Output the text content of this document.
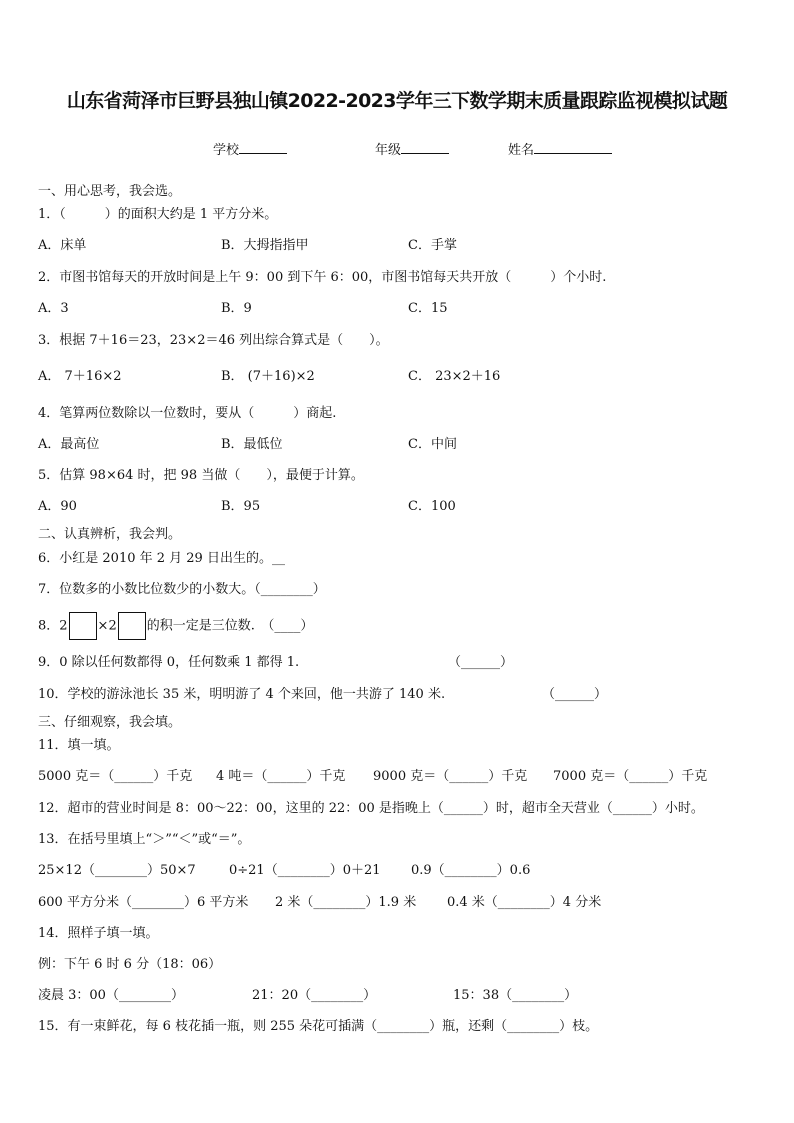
山东省菏泽市巨野县独山镇2022-2023学年三下数学期末质量跟踪监视模拟试题
学校	年级	姓名
一、用心思考，我会选。
1．（　　　）的面积大约是 1 平方分米。
A．床单	B．大拇指指甲	C．手掌
2．市图书馆每天的开放时间是上午 9：00 到下午 6：00，市图书馆每天共开放（　　　）个小时.
A．3	B．9	C．15
3．根据 7＋16＝23，23×2＝46 列出综合算式是（　　）。
A． 7＋16×2	B． (7＋16)×2	C． 23×2＋16
4．笔算两位数除以一位数时，要从（　　　）商起.
A．最高位	B．最低位	C．中间
5．估算 98×64 时，把 98 当做（　　），最便于计算。
A．90	B．95	C．100
二、认真辨析，我会判。
6．小红是 2010 年 2 月 29 日出生的。__
7．位数多的小数比位数少的小数大。（________）
8．2 ×2 的积一定是三位数.　（____）
9．0 除以任何数都得 0，任何数乘 1 都得 1.	（______）
10．学校的游泳池长 35 米，明明游了 4 个来回，他一共游了 140 米.	（______）
三、仔细观察，我会填。
11．填一填。
5000 克＝（______）千克 4 吨＝（______）千克 9000 克＝（______）千克 7000 克＝（______）千克
12．超市的营业时间是 8：00～22：00，这里的 22：00 是指晚上（______）时，超市全天营业（______）小时。
13．在括号里填上“＞”“＜”或“＝”。
25×12（________）50×7	0÷21（________）0＋21 0.9（________）0.6
600 平方分米（________）6 平方米 2 米（________）1.9 米 0.4 米（________）4 分米
14．照样子填一填。
例：下午 6 时 6 分（18：06）
凌晨 3：00（________）	21：20（________）	15：38（________）
15．有一束鲜花，每 6 枝花插一瓶，则 255 朵花可插满（________）瓶，还剩（________）枝。
